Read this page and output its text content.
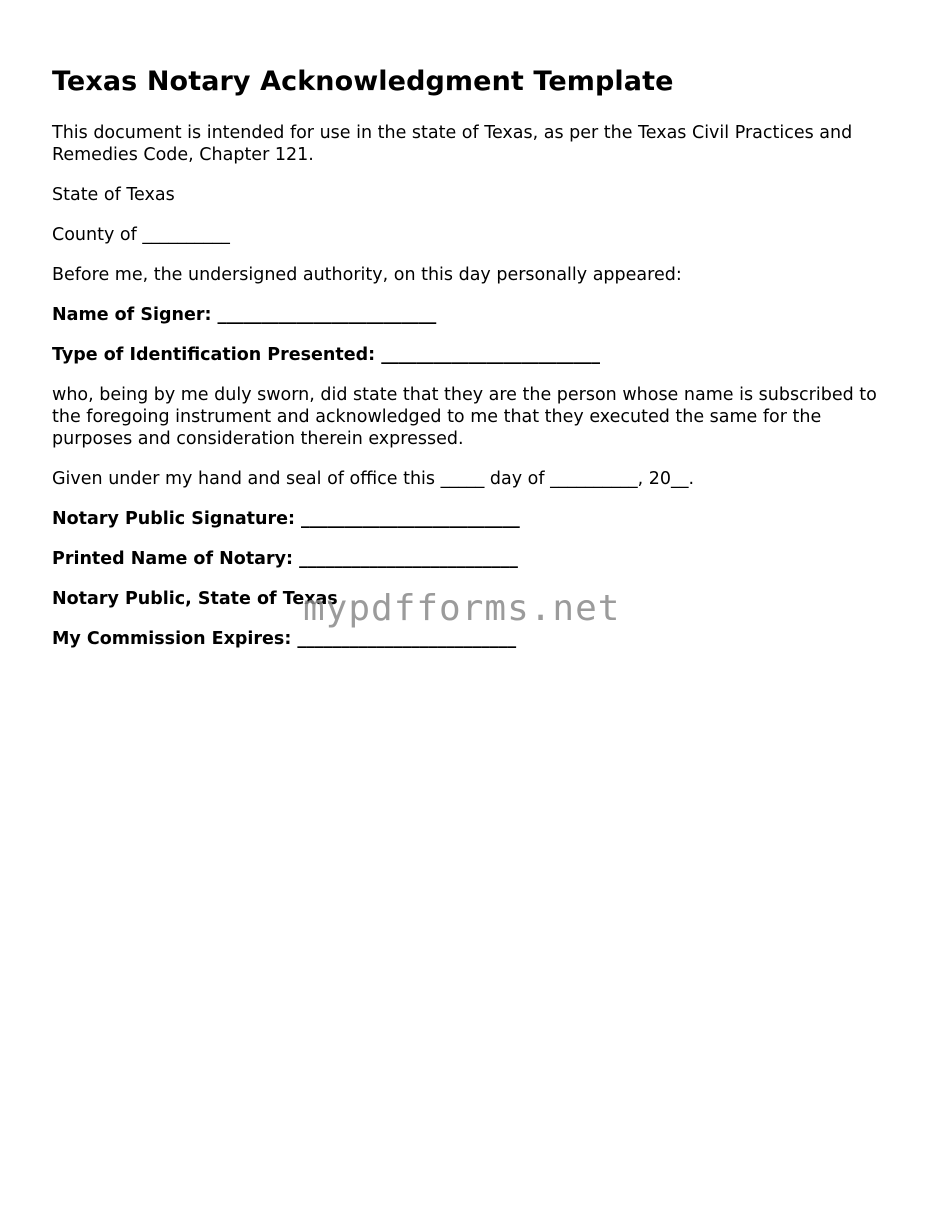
Texas Notary Acknowledgment Template

This document is intended for use in the state of Texas, as per the Texas Civil Practices and Remedies Code, Chapter 121.

State of Texas

County of __________

Before me, the undersigned authority, on this day personally appeared:

Name of Signer: _________________________

Type of Identification Presented: _________________________

who, being by me duly sworn, did state that they are the person whose name is subscribed to the foregoing instrument and acknowledged to me that they executed the same for the purposes and consideration therein expressed.

Given under my hand and seal of office this _____ day of __________, 20__.

Notary Public Signature: _________________________

Printed Name of Notary: _________________________

Notary Public, State of Texas

My Commission Expires: _________________________

mypdfforms.net
